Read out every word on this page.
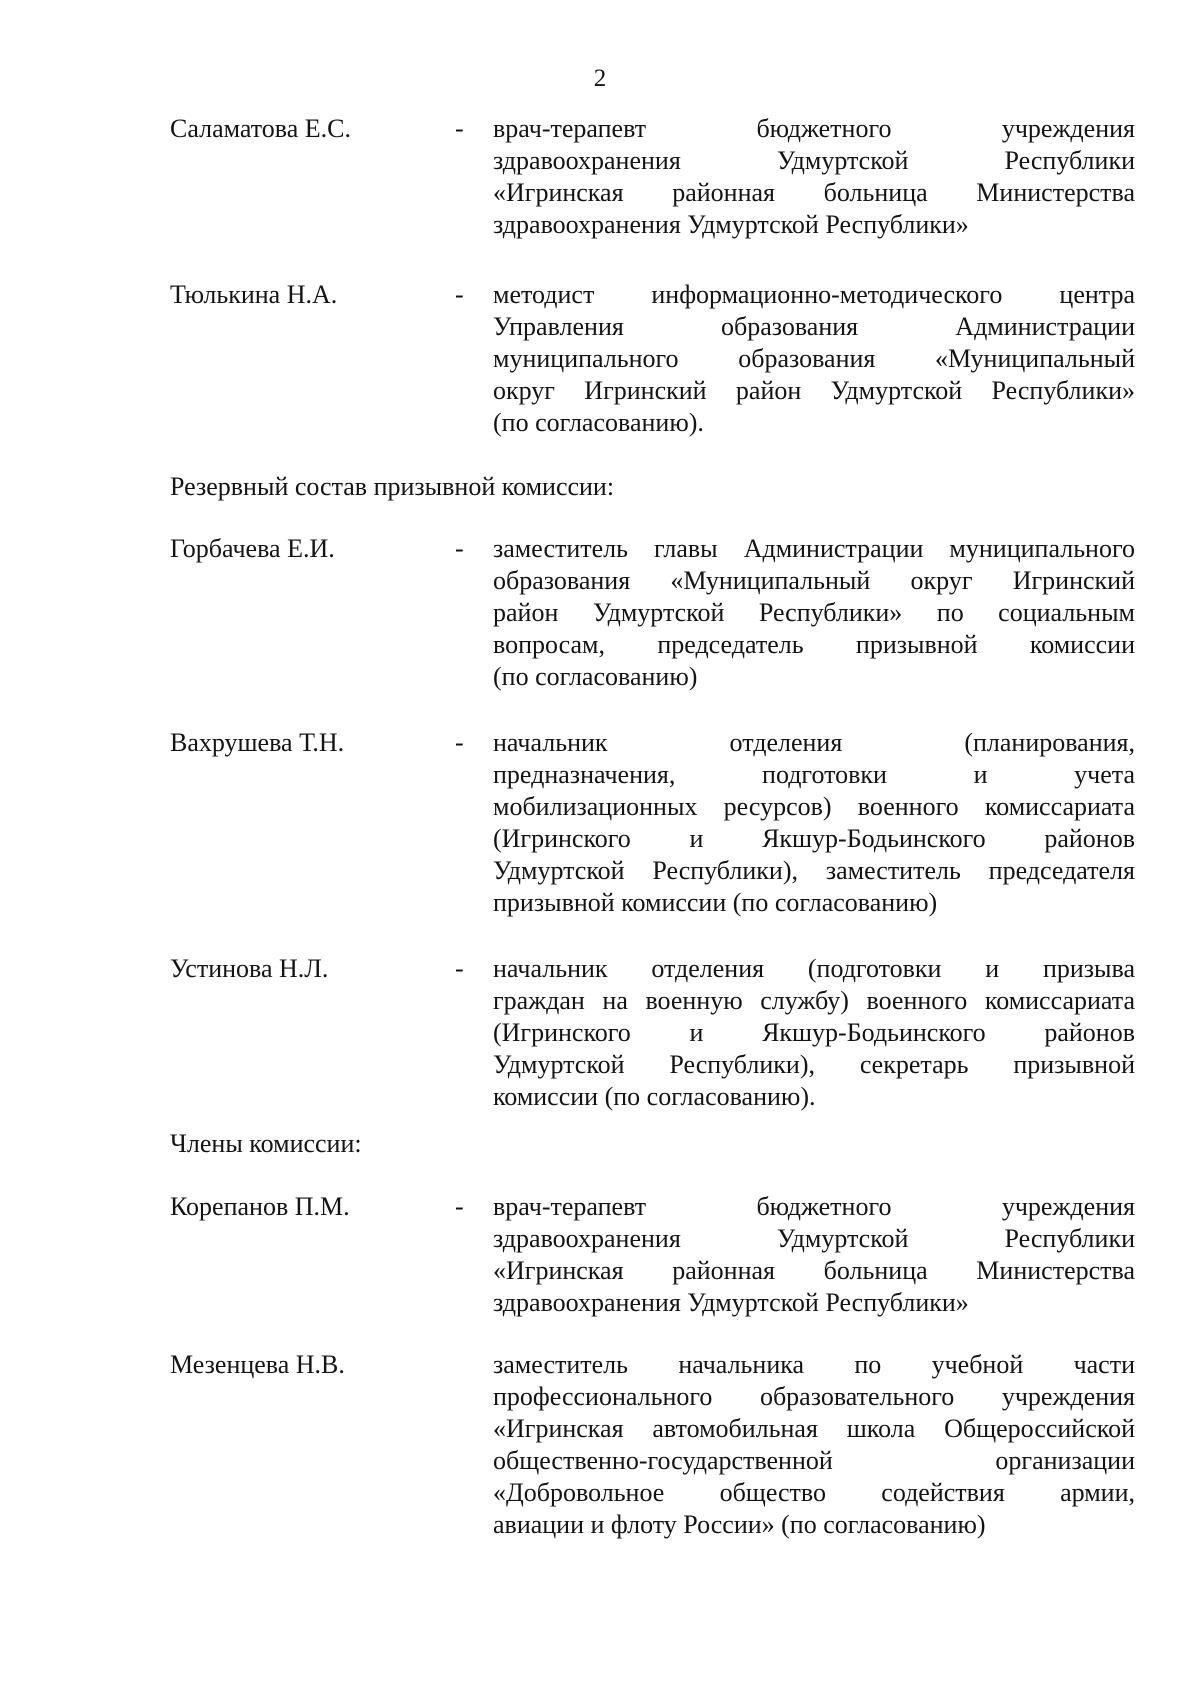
2
Саламатова Е.С.	- врач-терапевт бюджетного учреждения
здравоохранения Удмуртской Республики
«Игринская районная больница Министерства
здравоохранения Удмуртской Республики»
Тюлькина Н.А.	- методист информационно-методического центра
Управления образования Администрации
муниципального образования «Муниципальный
округ Игринский район Удмуртской Республики»
(по согласованию).
Резервный состав призывной комиссии:
Горбачева Е.И.	- заместитель главы Администрации муниципального
образования «Муниципальный округ Игринский
район Удмуртской Республики» по социальным
вопросам, председатель призывной комиссии
(по согласованию)
Вахрушева Т.Н.	- начальник отделения (планирования,
предназначения, подготовки и учета
мобилизационных ресурсов) военного комиссариата
(Игринского и Якшур-Бодьинского районов
Удмуртской Республики), заместитель председателя
призывной комиссии (по согласованию)
Устинова Н.Л.	- начальник отделения (подготовки и призыва
граждан на военную службу) военного комиссариата
(Игринского и Якшур-Бодьинского районов
Удмуртской Республики), секретарь призывной
комиссии (по согласованию).
Члены комиссии:
Корепанов П.М.	- врач-терапевт бюджетного учреждения
здравоохранения Удмуртской Республики
«Игринская районная больница Министерства
здравоохранения Удмуртской Республики»
Мезенцева Н.В.	заместитель начальника по учебной части
профессионального образовательного учреждения
«Игринская автомобильная школа Общероссийской
общественно-государственной организации
«Добровольное общество содействия армии,
авиации и флоту России» (по согласованию)
